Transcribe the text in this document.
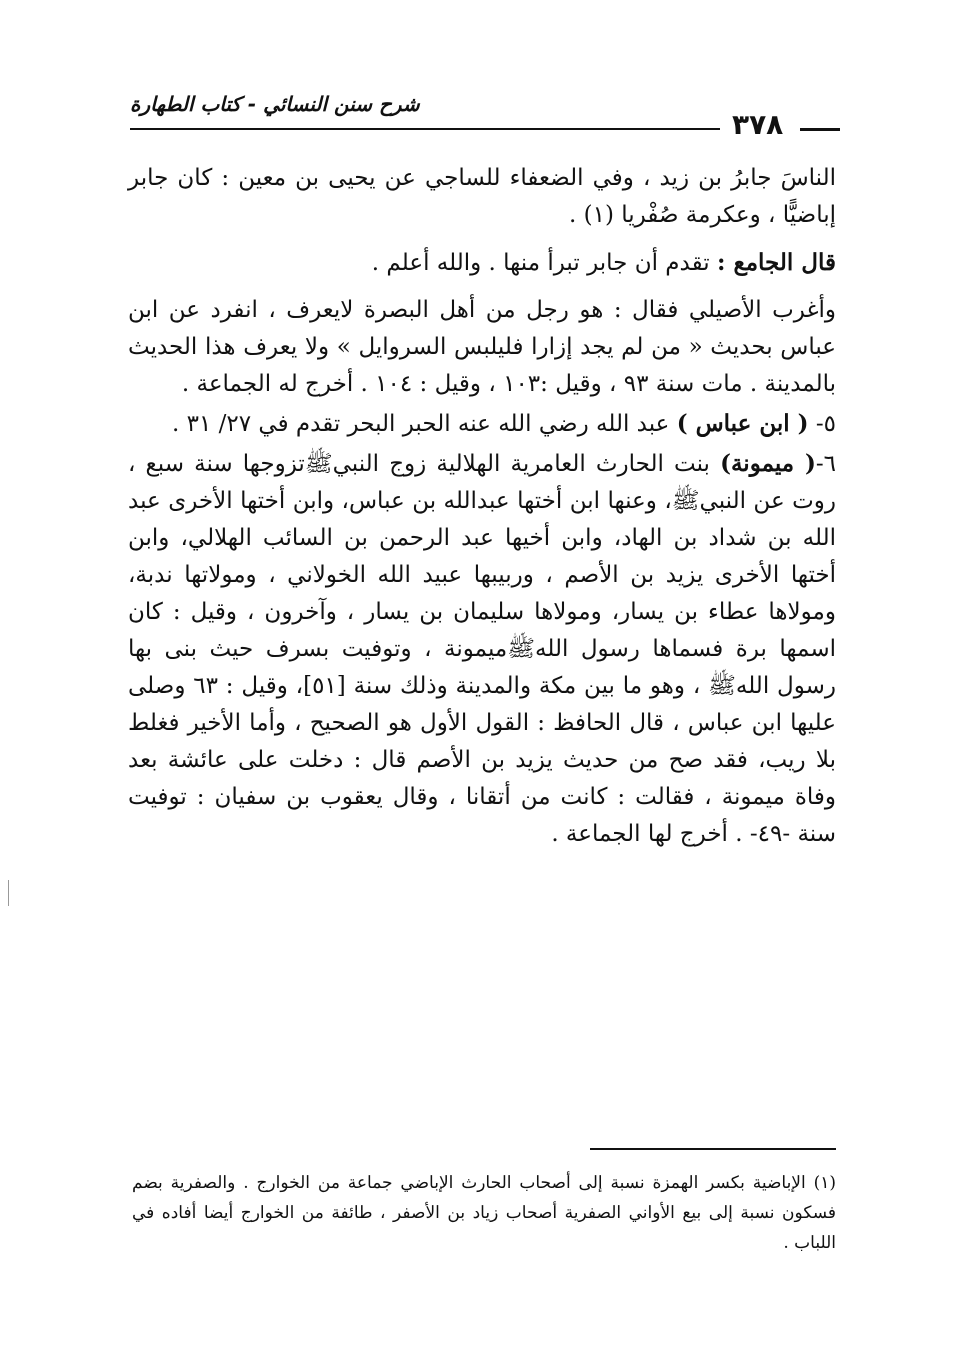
شرح سنن النسائي - كتاب الطهارة
٣٧٨

الناسَ جابرُ بن زيد ، وفي الضعفاء للساجي عن يحيى بن معين : كان جابر إباضيًّا ، وعكرمة صُفْريا (١) .

قال الجامع : تقدم أن جابر تبرأ منها . والله أعلم .

وأغرب الأصيلي فقال : هو رجل من أهل البصرة لايعرف ، انفرد عن ابن عباس بحديث « من لم يجد إزارا فليلبس السروايل » ولا يعرف هذا الحديث بالمدينة . مات سنة ٩٣ ، وقيل :١٠٣ ، وقيل : ١٠٤ . أخرج له الجماعة .

٥- ( ابن عباس ) عبد الله رضي الله عنه الحبر البحر تقدم في ٢٧/ ٣١ .

٦-( ميمونة) بنت الحارث العامرية الهلالية زوج النبيﷺتزوجها سنة سبع ، روت عن النبيﷺ، وعنها ابن أختها عبدالله بن عباس، وابن أختها الأخرى عبد الله بن شداد بن الهاد، وابن أخيها عبد الرحمن بن السائب الهلالي، وابن أختها الأخرى يزيد بن الأصم ، وربيبها عبيد الله الخولاني ، ومولاتها ندبة، ومولاها عطاء بن يسار، ومولاها سليمان بن يسار ، وآخرون ، وقيل : كان اسمها برة فسماها رسول اللهﷺميمونة ، وتوفيت بسرف حيث بنى بها رسول اللهﷺ ، وهو ما بين مكة والمدينة وذلك سنة [٥١]، وقيل : ٦٣ وصلى عليها ابن عباس ، قال الحافظ : القول الأول هو الصحيح ، وأما الأخير فغلط بلا ريب، فقد صح من حديث يزيد بن الأصم قال : دخلت على عائشة بعد وفاة ميمونة ، فقالت : كانت من أتقانا ، وقال يعقوب بن سفيان : توفيت سنة -٤٩- . أخرج لها الجماعة .

(١) الإباضية بكسر الهمزة نسبة إلى أصحاب الحارث الإباضي جماعة من الخوارج . والصفرية بضم فسكون نسبة إلى بيع الأواني الصفرية أصحاب زياد بن الأصفر ، طائفة من الخوارج أيضا أفاده في اللباب .
